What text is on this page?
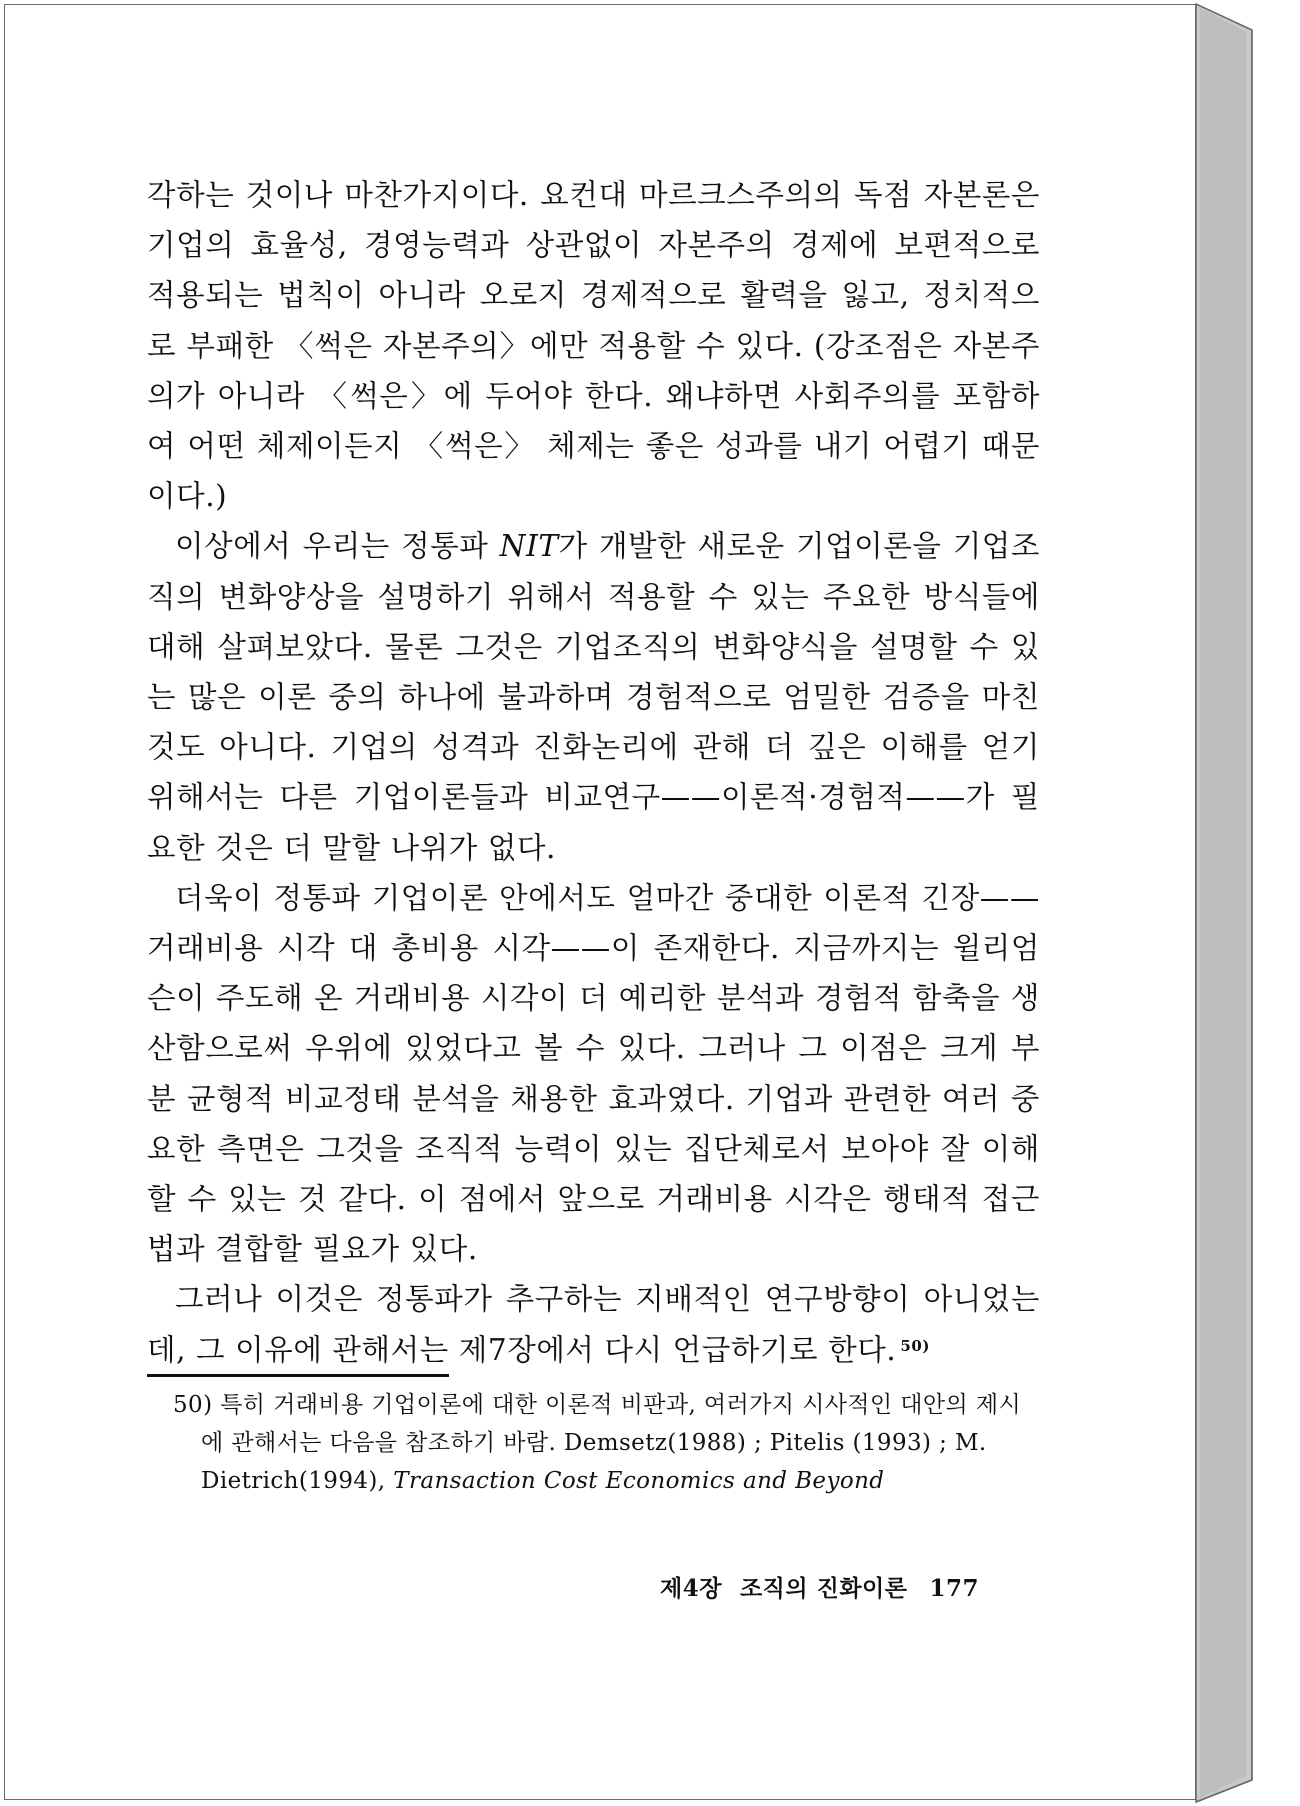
각하는 것이나 마찬가지이다. 요컨대 마르크스주의의 독점 자본론은 기업의 효율성, 경영능력과 상관없이 자본주의 경제에 보편적으로 적용되는 법칙이 아니라 오로지 경제적으로 활력을 잃고, 정치적으로 부패한 〈썩은 자본주의〉에만 적용할 수 있다. (강조점은 자본주의가 아니라 〈썩은〉에 두어야 한다. 왜냐하면 사회주의를 포함하여 어떤 체제이든지 〈썩은〉 체제는 좋은 성과를 내기 어렵기 때문이다.)

이상에서 우리는 정통파 NIT가 개발한 새로운 기업이론을 기업조직의 변화양상을 설명하기 위해서 적용할 수 있는 주요한 방식들에 대해 살펴보았다. 물론 그것은 기업조직의 변화양식을 설명할 수 있는 많은 이론 중의 하나에 불과하며 경험적으로 엄밀한 검증을 마친 것도 아니다. 기업의 성격과 진화논리에 관해 더 깊은 이해를 얻기 위해서는 다른 기업이론들과 비교연구——이론적·경험적——가 필요한 것은 더 말할 나위가 없다.

더욱이 정통파 기업이론 안에서도 얼마간 중대한 이론적 긴장——거래비용 시각 대 총비용 시각——이 존재한다. 지금까지는 윌리엄슨이 주도해 온 거래비용 시각이 더 예리한 분석과 경험적 함축을 생산함으로써 우위에 있었다고 볼 수 있다. 그러나 그 이점은 크게 부분 균형적 비교정태 분석을 채용한 효과였다. 기업과 관련한 여러 중요한 측면은 그것을 조직적 능력이 있는 집단체로서 보아야 잘 이해할 수 있는 것 같다. 이 점에서 앞으로 거래비용 시각은 행태적 접근법과 결합할 필요가 있다.

그러나 이것은 정통파가 추구하는 지배적인 연구방향이 아니었는데, 그 이유에 관해서는 제7장에서 다시 언급하기로 한다. $^{50)}$

50) 특히 거래비용 기업이론에 대한 이론적 비판과, 여러가지 시사적인 대안의 제시에 관해서는 다음을 참조하기 바람. Demsetz(1988) ; Pitelis (1993) ; M. Dietrich(1994), Transaction Cost Economics and Beyond
제4장 조직의 진화이론 177
